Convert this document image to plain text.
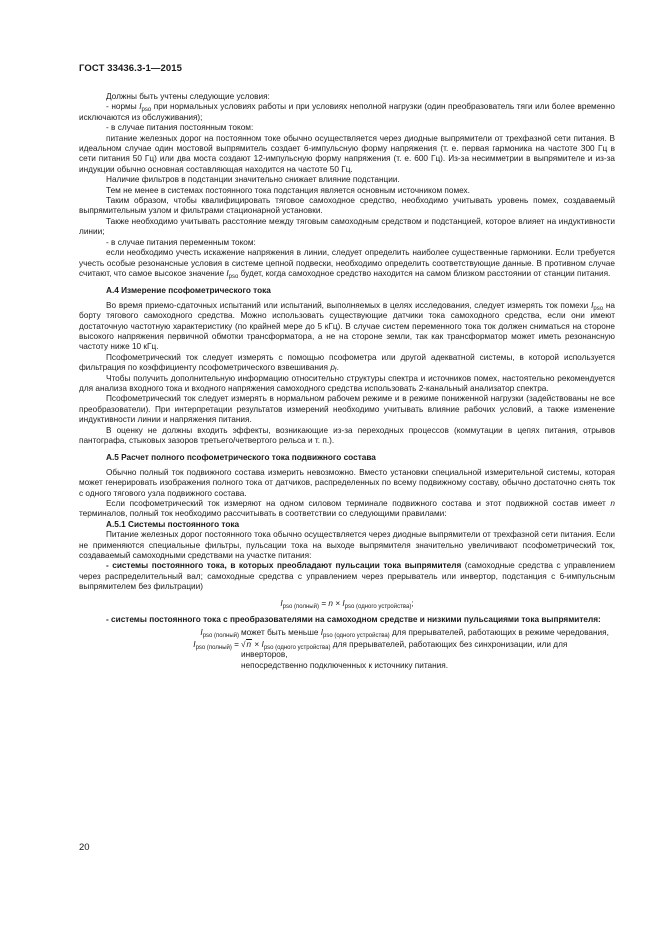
ГОСТ 33436.3-1—2015

Должны быть учтены следующие условия:

- нормы $I_{pso}$ при нормальных условиях работы и при условиях неполной нагрузки (один преобразователь тяги или более временно исключаются из обслуживания);

- в случае питания постоянным током:

питание железных дорог на постоянном токе обычно осуществляется через диодные выпрямители от трехфазной сети питания. В идеальном случае один мостовой выпрямитель создает 6-импульсную форму напряжения (т. е. первая гармоника на частоте 300 Гц в сети питания 50 Гц) или два моста создают 12-импульсную форму напряжения (т. е. 600 Гц). Из-за несимметрии в выпрямителе и из-за индукции обычно основная составляющая находится на частоте 50 Гц.

Наличие фильтров в подстанции значительно снижает влияние подстанции.

Тем не менее в системах постоянного тока подстанция является основным источником помех.

Таким образом, чтобы квалифицировать тяговое самоходное средство, необходимо учитывать уровень помех, создаваемый выпрямительным узлом и фильтрами стационарной установки.

Также необходимо учитывать расстояние между тяговым самоходным средством и подстанцией, которое влияет на индуктивности линии;

- в случае питания переменным током:

если необходимо учесть искажение напряжения в линии, следует определить наиболее существенные гармоники. Если требуется учесть особые резонансные условия в системе цепной подвески, необходимо определить соответствующие данные. В противном случае считают, что самое высокое значение $I_{pso}$ будет, когда самоходное средство находится на самом близком расстоянии от станции питания.

А.4 Измерение псофометрического тока

Во время приемо-сдаточных испытаний или испытаний, выполняемых в целях исследования, следует измерять ток помехи $I_{pso}$ на борту тягового самоходного средства. Можно использовать существующие датчики тока самоходного средства, если они имеют достаточную частотную характеристику (по крайней мере до 5 кГц). В случае систем переменного тока ток должен сниматься на стороне высокого напряжения первичной обмотки трансформатора, а не на стороне земли, так как трансформатор может иметь резонансную частоту ниже 10 кГц.

Псофометрический ток следует измерять с помощью псофометра или другой адекватной системы, в которой используется фильтрация по коэффициенту псофометрического взвешивания $p_f$.

Чтобы получить дополнительную информацию относительно структуры спектра и источников помех, настоятельно рекомендуется для анализа входного тока и входного напряжения самоходного средства использовать 2-канальный анализатор спектра.

Псофометрический ток следует измерять в нормальном рабочем режиме и в режиме пониженной нагрузки (задействованы не все преобразователи). При интерпретации результатов измерений необходимо учитывать влияние рабочих условий, а также изменение индуктивности линии и напряжения питания.

В оценку не должны входить эффекты, возникающие из-за переходных процессов (коммутации в цепях питания, отрывов пантографа, стыковых зазоров третьего/четвертого рельса и т. п.).

А.5 Расчет полного псофометрического тока подвижного состава

Обычно полный ток подвижного состава измерить невозможно. Вместо установки специальной измерительной системы, которая может генерировать изображения полного тока от датчиков, распределенных по всему подвижному составу, обычно достаточно снять ток с одного тягового узла подвижного состава.

Если псофометрический ток измеряют на одном силовом терминале подвижного состава и этот подвижной состав имеет n терминалов, полный ток необходимо рассчитывать в соответствии со следующими правилами:

А.5.1 Системы постоянного тока

Питание железных дорог постоянного тока обычно осуществляется через диодные выпрямители от трехфазной сети питания. Если не применяются специальные фильтры, пульсации тока на выходе выпрямителя значительно увеличивают псофометрический ток, создаваемый самоходными средствами на участке питания:

- системы постоянного тока, в которых преобладают пульсации тока выпрямителя (самоходные средства с управлением через распределительный вал; самоходные средства с управлением через прерыватель или инвертор, подстанция с 6-импульсным выпрямителем без фильтрации)

$I_{pso (полный)} = n \times I_{pso (одного устройства)}$;

- системы постоянного тока с преобразователями на самоходном средстве и низкими пульсациями тока выпрямителя:

$I_{pso (полный)}$ может быть меньше $I_{pso (одного устройства)}$ для прерывателей, работающих в режиме чередования,
$I_{pso (полный)} = √n \times I_{pso (одного устройства)}$ для прерывателей, работающих без синхронизации, или для инверторов,
непосредственно подключенных к источнику питания.
20
